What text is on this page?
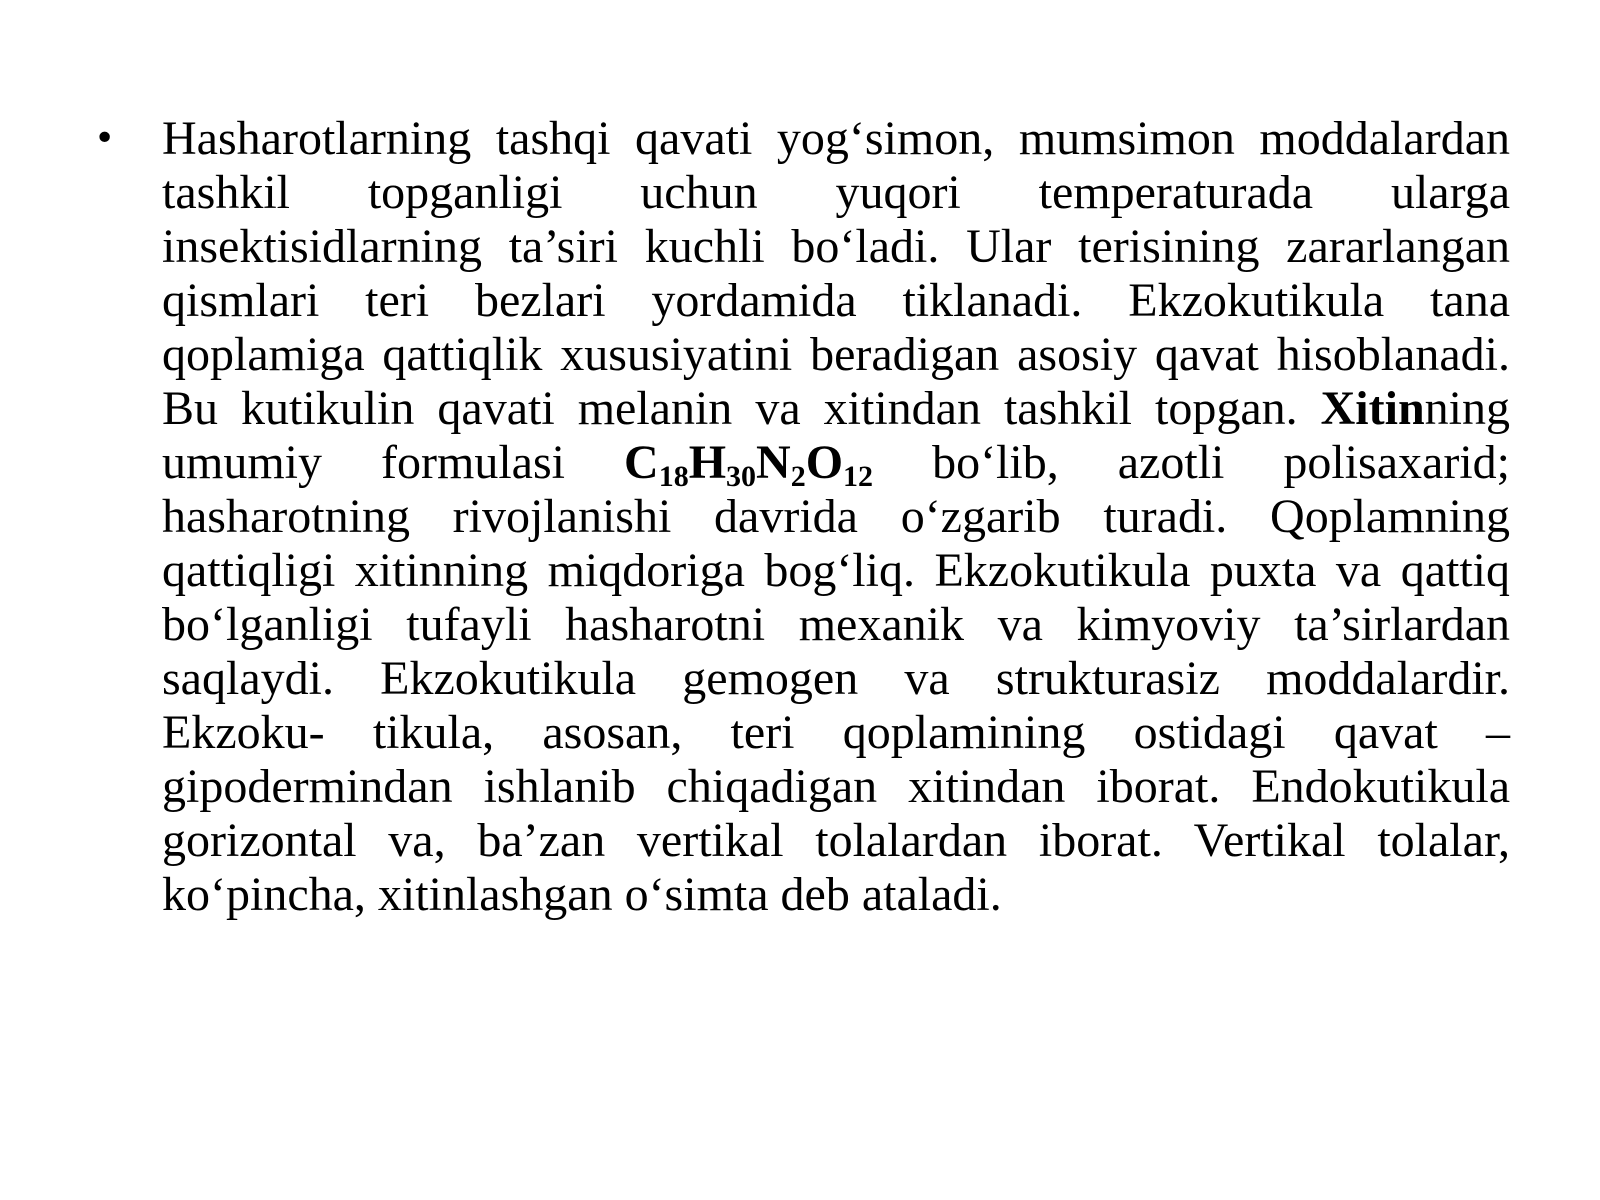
• Hasharotlarning tashqi qavati yog‘simon, mumsimon moddalardan tashkil topganligi uchun yuqori temperaturada ularga insektisidlarning ta’siri kuchli bo‘ladi. Ular terisining zararlangan qismlari teri bezlari yordamida tiklanadi. Ekzokutikula tana qoplamiga qattiqlik xususiyatini beradigan asosiy qavat hisoblanadi. Bu kutikulin qavati melanin va xitindan tashkil topgan. Xitinning umumiy formulasi $C_{18}H_{30}N_2O_{12}$ bo‘lib, azotli polisaxarid; hasharotning rivojlanishi davrida o‘zgarib turadi. Qoplamning qattiqligi xitinning miqdoriga bog‘liq. Ekzokutikula puxta va qattiq bo‘lganligi tufayli hasharotni mexanik va kimyoviy ta’sirlardan saqlaydi. Ekzokutikula gemogen va strukturasiz moddalardir. Ekzoku- tikula, asosan, teri qoplamining ostidagi qavat – gipodermindan ishlanib chiqadigan xitindan iborat. Endokutikula gorizontal va, ba’zan vertikal tolalardan iborat. Vertikal tolalar, ko‘pincha, xitinlashgan o‘simta deb ataladi.
